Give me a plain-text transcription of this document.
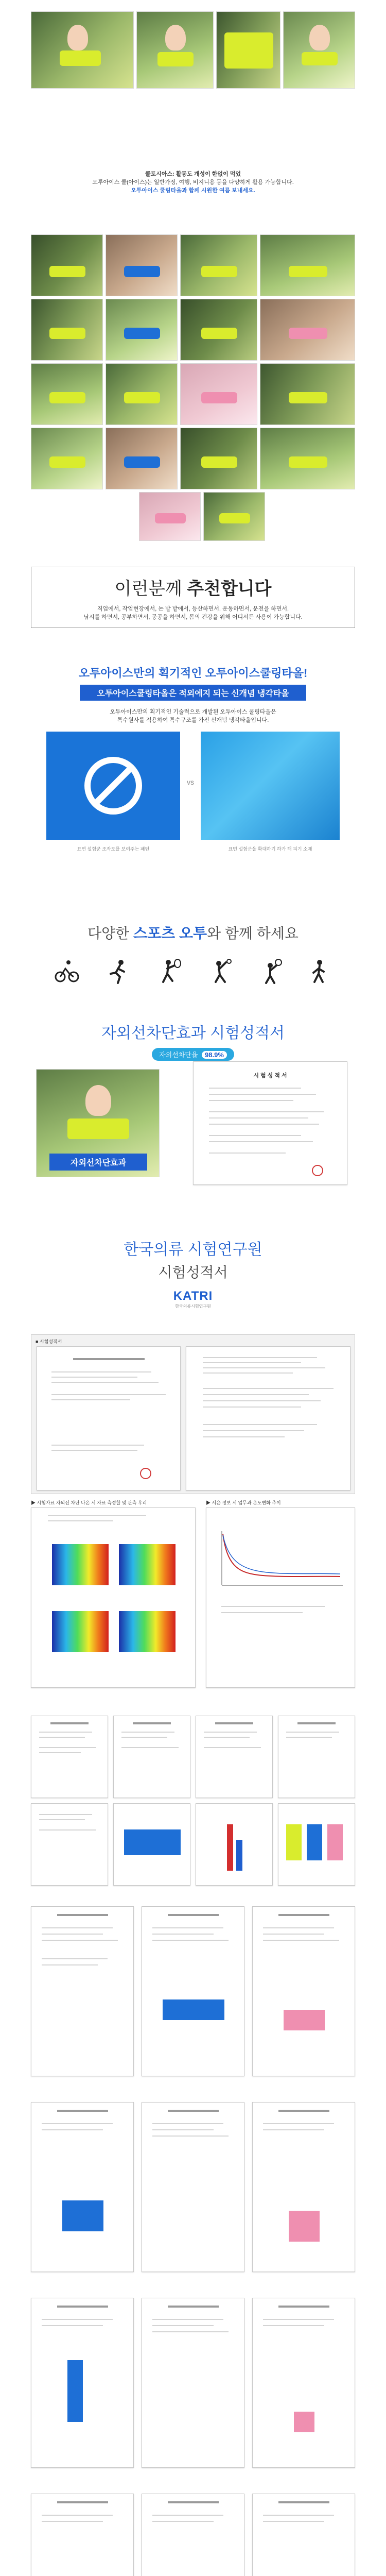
쿨토시아스: 활동도 개성이 한없이 먹었

오투아이스 쿨(아이스)는 일반가정, 여행, 비지니용 등을 다양하게 활용 가능합니다.

오투아이스 쿨링타올과 함께 시원한 여름 보내세요.

이런분께 추천합니다

직업에서, 작업현장에서, 논 밭 밭에서, 등산하면서, 운동하면서, 운전을 하면서,

낚시를 하면서, 공부하면서, 공공을 하면서, 몸의 건강을 위해 어디서든 사용이 가능합니다.

오투아이스만의 획기적인 오투아이스쿨링타올!
오투아이스쿨링타올은 적외에지 되는 신개념 냉각타올

오투아이스만의 획기적인 기술력으로 개발된 오투아이스 쿨링타올은

특수원사를 적용하여 특수구조를 가진 신개념 냉각타올입니다.

vs

표면 설험군 조작도를 보여주는 패턴	표면 설험군을 확대하기 하가 해 피기 소재

다양한 스포츠 오투와 함께 하세요
자외선차단효과 시험성적서
자외선차단율 98.9%
자외선차단효과
시 험 성 적 서
한국의류 시험연구원
시험성적서
KATRI
한국의류시험연구원
■ 시험성적서
▶ 시험자료 자외선 차단 나온 시 자료 측정할 및 관측 우리	▶ 서은 정보 시 업무과 온도변화 추이
